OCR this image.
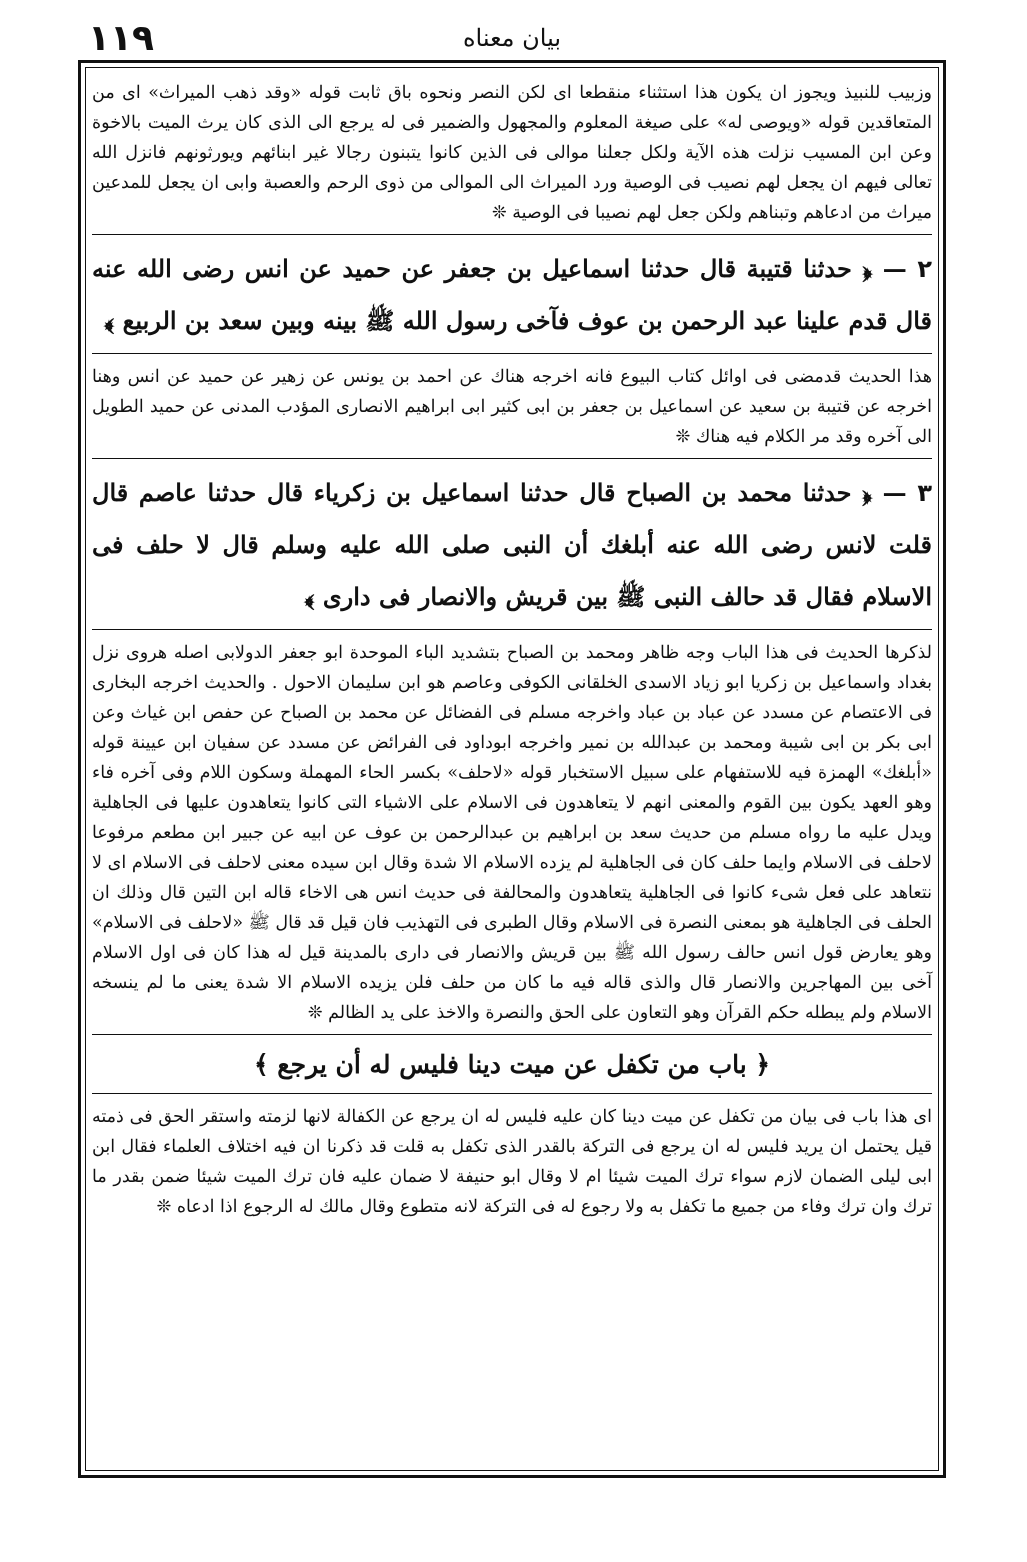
١١٩	بيان معناه

وزبيب للنبيذ ويجوز ان يكون هذا استثناء منقطعا اى لكن النصر ونحوه باق ثابت قوله «وقد ذهب الميراث» اى من المتعاقدين قوله «ويوصى له» على صيغة المعلوم والمجهول والضمير فى له يرجع الى الذى كان يرث الميت بالاخوة وعن ابن المسيب نزلت هذه الآية ولكل جعلنا موالى فى الذين كانوا يتبنون رجالا غير ابنائهم ويورثونهم فانزل الله تعالى فيهم ان يجعل لهم نصيب فى الوصية ورد الميراث الى الموالى من ذوى الرحم والعصبة وابى ان يجعل للمدعين ميراث من ادعاهم وتبناهم ولكن جعل لهم نصيبا فى الوصية ❊

٢ — ﴿ حدثنا قتيبة قال حدثنا اسماعيل بن جعفر عن حميد عن انس رضى الله عنه قال قدم علينا عبد الرحمن بن عوف فآخى رسول الله ﷺ بينه وبين سعد بن الربيع ﴾

هذا الحديث قدمضى فى اوائل كتاب البيوع فانه اخرجه هناك عن احمد بن يونس عن زهير عن حميد عن انس وهنا اخرجه عن قتيبة بن سعيد عن اسماعيل بن جعفر بن ابى كثير ابى ابراهيم الانصارى المؤدب المدنى عن حميد الطويل الى آخره وقد مر الكلام فيه هناك ❊

٣ — ﴿ حدثنا محمد بن الصباح قال حدثنا اسماعيل بن زكرياء قال حدثنا عاصم قال قلت لانس رضى الله عنه أبلغك أن النبى صلى الله عليه وسلم قال لا حلف فى الاسلام فقال قد حالف النبى ﷺ بين قريش والانصار فى دارى ﴾

لذكرها الحديث فى هذا الباب وجه ظاهر ومحمد بن الصباح بتشديد الباء الموحدة ابو جعفر الدولابى اصله هروى نزل بغداد واسماعيل بن زكريا ابو زياد الاسدى الخلقانى الكوفى وعاصم هو ابن سليمان الاحول . والحديث اخرجه البخارى فى الاعتصام عن مسدد عن عباد بن عباد واخرجه مسلم فى الفضائل عن محمد بن الصباح عن حفص ابن غياث وعن ابى بكر بن ابى شيبة ومحمد بن عبدالله بن نمير واخرجه ابوداود فى الفرائض عن مسدد عن سفيان ابن عيينة قوله «أبلغك» الهمزة فيه للاستفهام على سبيل الاستخبار قوله «لاحلف» بكسر الحاء المهملة وسكون اللام وفى آخره فاء وهو العهد يكون بين القوم والمعنى انهم لا يتعاهدون فى الاسلام على الاشياء التى كانوا يتعاهدون عليها فى الجاهلية ويدل عليه ما رواه مسلم من حديث سعد بن ابراهيم بن عبدالرحمن بن عوف عن ابيه عن جبير ابن مطعم مرفوعا لاحلف فى الاسلام وايما حلف كان فى الجاهلية لم يزده الاسلام الا شدة وقال ابن سيده معنى لاحلف فى الاسلام اى لا نتعاهد على فعل شىء كانوا فى الجاهلية يتعاهدون والمحالفة فى حديث انس هى الاخاء قاله ابن التين قال وذلك ان الحلف فى الجاهلية هو بمعنى النصرة فى الاسلام وقال الطبرى فى التهذيب فان قيل قد قال ﷺ «لاحلف فى الاسلام» وهو يعارض قول انس حالف رسول الله ﷺ بين قريش والانصار فى دارى بالمدينة قيل له هذا كان فى اول الاسلام آخى بين المهاجرين والانصار قال والذى قاله فيه ما كان من حلف فلن يزيده الاسلام الا شدة يعنى ما لم ينسخه الاسلام ولم يبطله حكم القرآن وهو التعاون على الحق والنصرة والاخذ على يد الظالم ❊

﴿ باب من تكفل عن ميت دينا فليس له أن يرجع ﴾

اى هذا باب فى بيان من تكفل عن ميت دينا كان عليه فليس له ان يرجع عن الكفالة لانها لزمته واستقر الحق فى ذمته قيل يحتمل ان يريد فليس له ان يرجع فى التركة بالقدر الذى تكفل به قلت قد ذكرنا ان فيه اختلاف العلماء فقال ابن ابى ليلى الضمان لازم سواء ترك الميت شيئا ام لا وقال ابو حنيفة لا ضمان عليه فان ترك الميت شيئا ضمن بقدر ما ترك وان ترك وفاء من جميع ما تكفل به ولا رجوع له فى التركة لانه متطوع وقال مالك له الرجوع اذا ادعاه ❊
